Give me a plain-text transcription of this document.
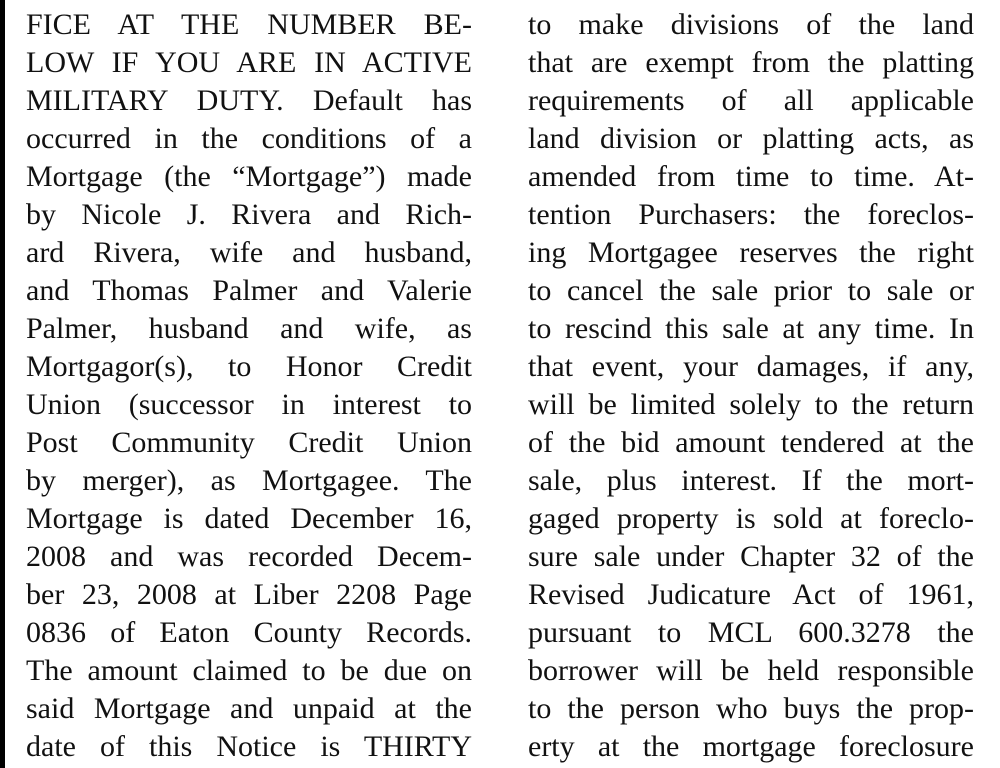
FICE AT THE NUMBER BE-
LOW IF YOU ARE IN ACTIVE
MILITARY DUTY. Default has
occurred in the conditions of a
Mortgage (the “Mortgage”) made
by Nicole J. Rivera and Rich-
ard Rivera, wife and husband,
and Thomas Palmer and Valerie
Palmer, husband and wife, as
Mortgagor(s), to Honor Credit
Union (successor in interest to
Post Community Credit Union
by merger), as Mortgagee. The
Mortgage is dated December 16,
2008 and was recorded Decem-
ber 23, 2008 at Liber 2208 Page
0836 of Eaton County Records.
The amount claimed to be due on
said Mortgage and unpaid at the
date of this Notice is THIRTY
to make divisions of the land
that are exempt from the platting
requirements of all applicable
land division or platting acts, as
amended from time to time. At-
tention Purchasers: the foreclos-
ing Mortgagee reserves the right
to cancel the sale prior to sale or
to rescind this sale at any time. In
that event, your damages, if any,
will be limited solely to the return
of the bid amount tendered at the
sale, plus interest. If the mort-
gaged property is sold at foreclo-
sure sale under Chapter 32 of the
Revised Judicature Act of 1961,
pursuant to MCL 600.3278 the
borrower will be held responsible
to the person who buys the prop-
erty at the mortgage foreclosure
